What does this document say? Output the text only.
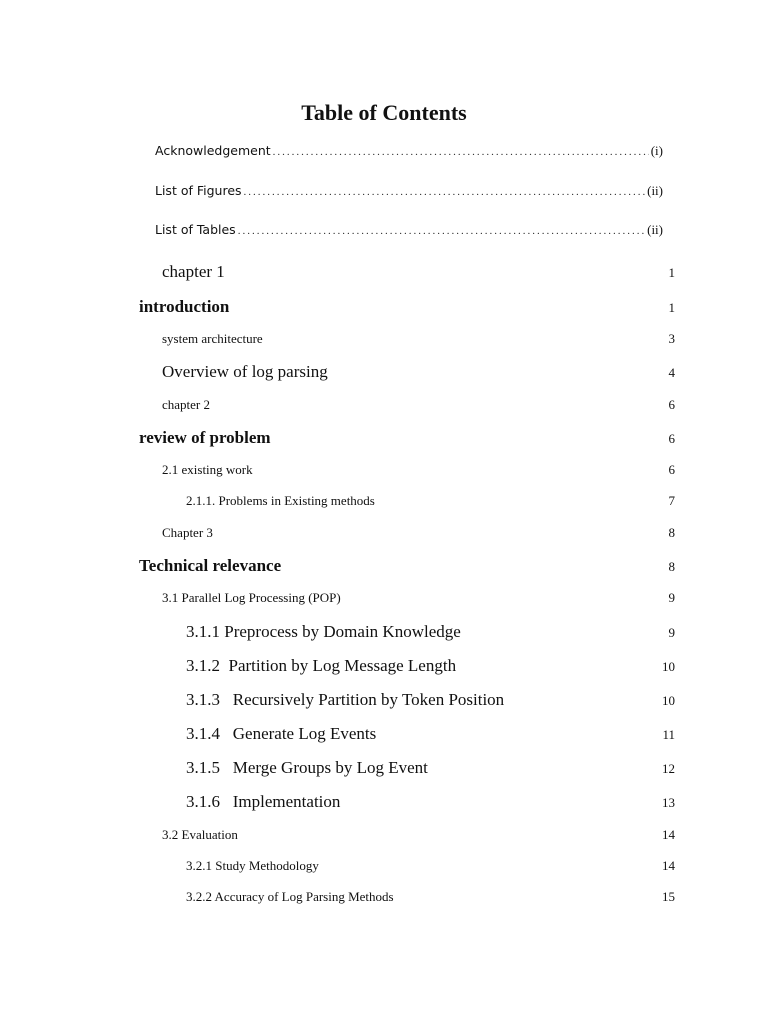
Table of Contents
Acknowledgement .....	(i)
List of Figures .....	(ii)
List of Tables .....	(ii)
chapter 1	1
introduction	1
system architecture	3
Overview of log parsing	4
chapter 2	6
review of problem	6
2.1 existing work	6
2.1.1. Problems in Existing methods	7
Chapter 3	8
Technical relevance	8
3.1 Parallel Log Processing (POP)	9
3.1.1 Preprocess by Domain Knowledge	9
3.1.2  Partition by Log Message Length	10
3.1.3   Recursively Partition by Token Position	10
3.1.4   Generate Log Events	11
3.1.5   Merge Groups by Log Event	12
3.1.6   Implementation	13
3.2 Evaluation	14
3.2.1 Study Methodology	14
3.2.2 Accuracy of Log Parsing Methods	15
